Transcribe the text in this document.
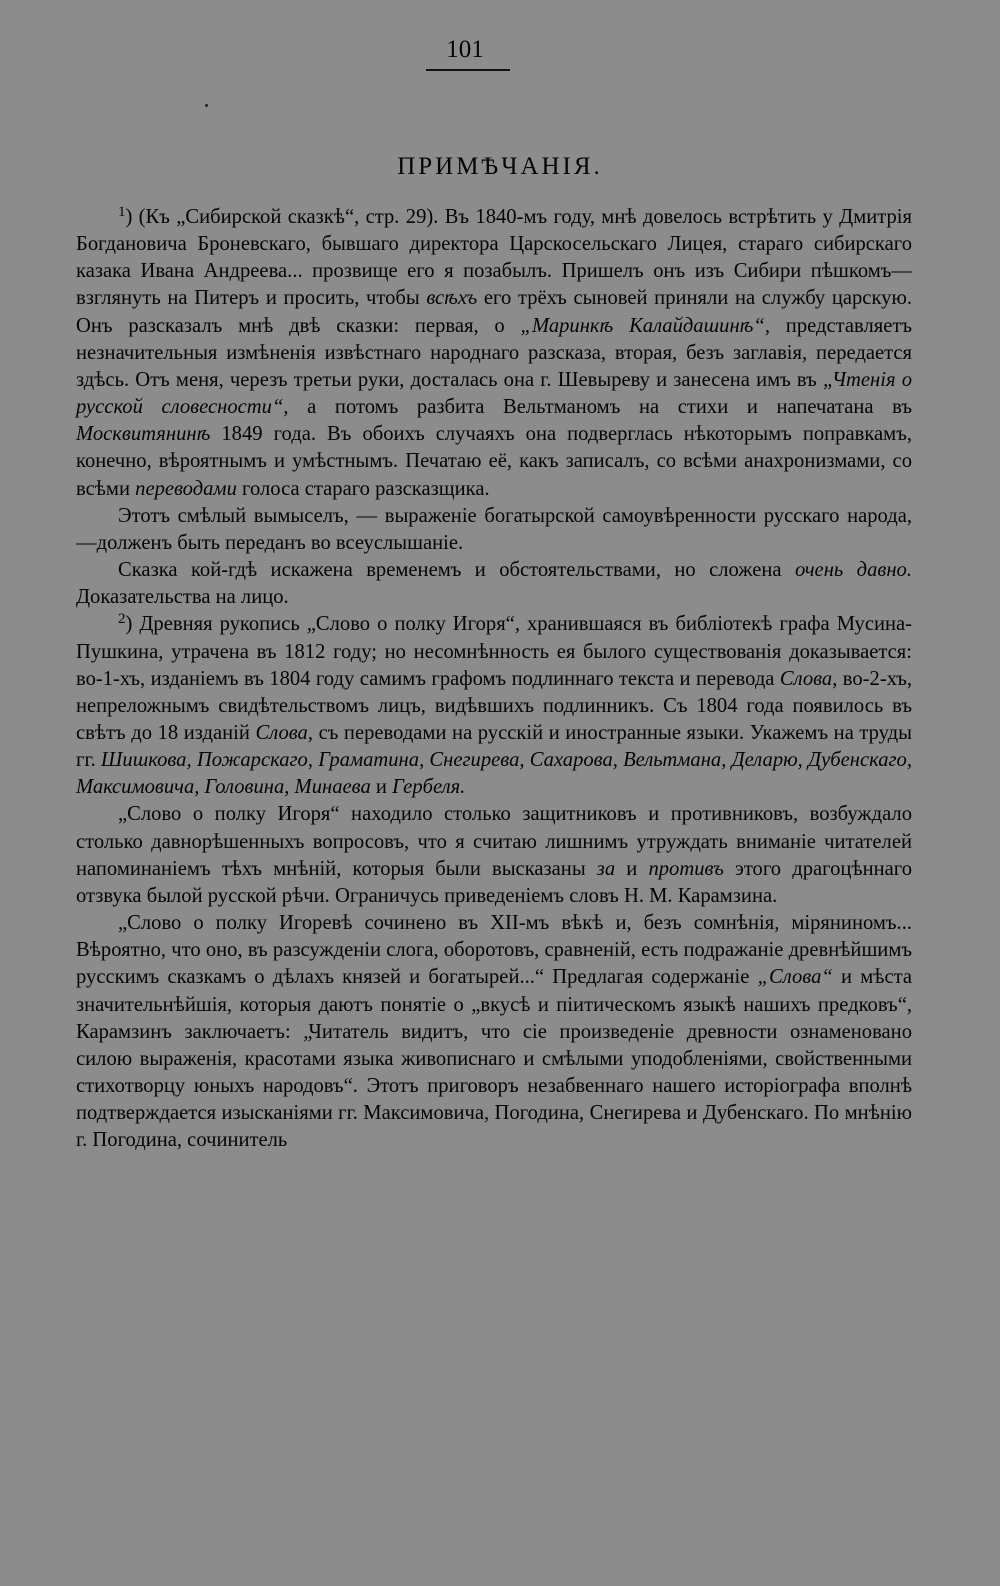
101
ПРИМѢЧАНІЯ.

$^1$) (Къ „Сибирской сказкѣ“, стр. 29). Въ 1840-мъ году, мнѣ довелось встрѣтить у Дмитрія Богдановича Броневскаго, бывшаго директора Царскосельскаго Лицея, стараго сибирскаго казака Ивана Андреева... прозвище его я позабылъ. Пришелъ онъ изъ Сибири пѣшкомъ—взглянуть на Питеръ и просить, чтобы всѣхъ его трёхъ сыновей приняли на службу царскую. Онъ разсказалъ мнѣ двѣ сказки: первая, о „Маринкѣ Калайдашинѣ“, представляетъ незначительныя измѣненія извѣстнаго народнаго разсказа, вторая, безъ заглавія, передается здѣсь. Отъ меня, черезъ третьи руки, досталась она г. Шевыреву и занесена имъ въ „Чтенія о русской словесности“, а потомъ разбита Вельтманомъ на стихи и напечатана въ Москвитянинѣ 1849 года. Въ обоихъ случаяхъ она подверглась нѣкоторымъ поправкамъ, конечно, вѣроятнымъ и умѣстнымъ. Печатаю её, какъ записалъ, со всѣми анахронизмами, со всѣми переводами голоса стараго разсказщика.

Этотъ смѣлый вымыселъ, — выраженіе богатырской самоувѣренности русскаго народа,—долженъ быть переданъ во всеуслышаніе.

Сказка кой-гдѣ искажена временемъ и обстоятельствами, но сложена очень давно. Доказательства на лицо.

$^2$) Древняя рукопись „Слово о полку Игоря“, хранившаяся въ библіотекѣ графа Мусина-Пушкина, утрачена въ 1812 году; но несомнѣнность ея былого существованія доказывается: во-1-хъ, изданіемъ въ 1804 году самимъ графомъ подлиннаго текста и перевода Слова, во-2-хъ, непреложнымъ свидѣтельствомъ лицъ, видѣвшихъ подлинникъ. Съ 1804 года появилось въ свѣтъ до 18 изданій Слова, съ переводами на русскій и иностранные языки. Укажемъ на труды гг. Шишкова, Пожарскаго, Граматина, Снегирева, Сахарова, Вельтмана, Деларю, Дубенскаго, Максимовича, Головина, Минаева и Гербеля.

„Слово о полку Игоря“ находило столько защитниковъ и противниковъ, возбуждало столько давнорѣшенныхъ вопросовъ, что я считаю лишнимъ утруждать вниманіе читателей напоминаніемъ тѣхъ мнѣній, которыя были высказаны за и противъ этого драгоцѣннаго отзвука былой русской рѣчи. Ограничусь приведеніемъ словъ Н. М. Карамзина.

„Слово о полку Игоревѣ сочинено въ XII-мъ вѣкѣ и, безъ сомнѣнія, міряниномъ... Вѣроятно, что оно, въ разсужденіи слога, оборотовъ, сравненій, есть подражаніе древнѣйшимъ русскимъ сказкамъ о дѣлахъ князей и богатырей...“ Предлагая содержаніе „Слова“ и мѣста значительнѣйшія, которыя даютъ понятіе о „вкусѣ и піитическомъ языкѣ нашихъ предковъ“, Карамзинъ заключаетъ: „Читатель видитъ, что сіе произведеніе древности ознаменовано силою выраженія, красотами языка живописнаго и смѣлыми уподобленіями, свойственными стихотворцу юныхъ народовъ“. Этотъ приговоръ незабвеннаго нашего исторіографа вполнѣ подтверждается изысканіями гг. Максимовича, Погодина, Снегирева и Дубенскаго. По мнѣнію г. Погодина, сочинитель
